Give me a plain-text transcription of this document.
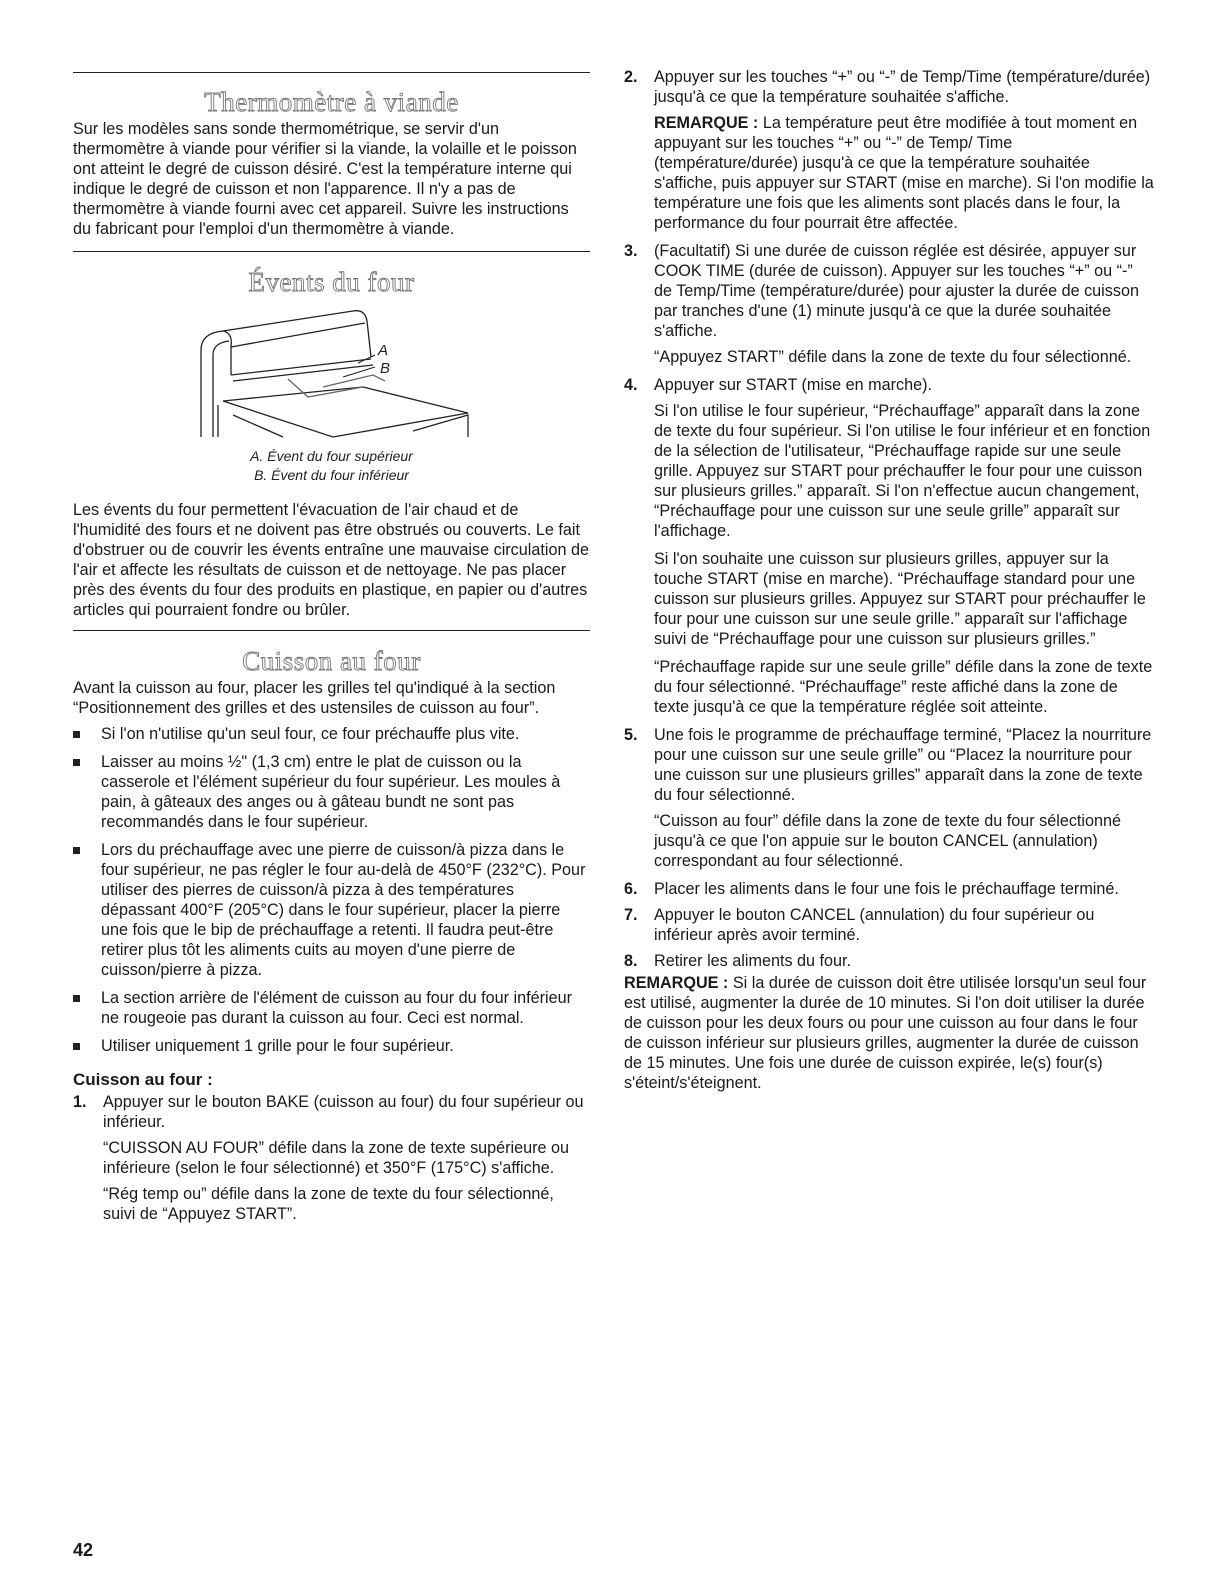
Thermomètre à viande

Sur les modèles sans sonde thermométrique, se servir d'un thermomètre à viande pour vérifier si la viande, la volaille et le poisson ont atteint le degré de cuisson désiré. C'est la température interne qui indique le degré de cuisson et non l'apparence. Il n'y a pas de thermomètre à viande fourni avec cet appareil. Suivre les instructions du fabricant pour l'emploi d'un thermomètre à viande.

Évents du four
A
B
A. Évent du four supérieur
B. Évent du four inférieur

Les évents du four permettent l'évacuation de l'air chaud et de l'humidité des fours et ne doivent pas être obstrués ou couverts. Le fait d'obstruer ou de couvrir les évents entraîne une mauvaise circulation de l'air et affecte les résultats de cuisson et de nettoyage. Ne pas placer près des évents du four des produits en plastique, en papier ou d'autres articles qui pourraient fondre ou brûler.

Cuisson au four

Avant la cuisson au four, placer les grilles tel qu'indiqué à la section “Positionnement des grilles et des ustensiles de cuisson au four”.

Si l'on n'utilise qu'un seul four, ce four préchauffe plus vite.

Laisser au moins ½" (1,3 cm) entre le plat de cuisson ou la casserole et l'élément supérieur du four supérieur. Les moules à pain, à gâteaux des anges ou à gâteau bundt ne sont pas recommandés dans le four supérieur.

Lors du préchauffage avec une pierre de cuisson/à pizza dans le four supérieur, ne pas régler le four au-delà de 450°F (232°C). Pour utiliser des pierres de cuisson/à pizza à des températures dépassant 400°F (205°C) dans le four supérieur, placer la pierre une fois que le bip de préchauffage a retenti. Il faudra peut-être retirer plus tôt les aliments cuits au moyen d'une pierre de cuisson/pierre à pizza.

La section arrière de l'élément de cuisson au four du four inférieur ne rougeoie pas durant la cuisson au four. Ceci est normal.

Utiliser uniquement 1 grille pour le four supérieur.

Cuisson au four :

1. Appuyer sur le bouton BAKE (cuisson au four) du four supérieur ou inférieur.

“CUISSON AU FOUR” défile dans la zone de texte supérieure ou inférieure (selon le four sélectionné) et 350°F (175°C) s'affiche.

“Rég temp ou” défile dans la zone de texte du four sélectionné, suivi de “Appuyez START”.

2. Appuyer sur les touches “+” ou “-” de Temp/Time (température/durée) jusqu'à ce que la température souhaitée s'affiche.

REMARQUE : La température peut être modifiée à tout moment en appuyant sur les touches “+” ou “-” de Temp/ Time (température/durée) jusqu'à ce que la température souhaitée s'affiche, puis appuyer sur START (mise en marche). Si l'on modifie la température une fois que les aliments sont placés dans le four, la performance du four pourrait être affectée.

3. (Facultatif) Si une durée de cuisson réglée est désirée, appuyer sur COOK TIME (durée de cuisson). Appuyer sur les touches “+” ou “-” de Temp/Time (température/durée) pour ajuster la durée de cuisson par tranches d'une (1) minute jusqu'à ce que la durée souhaitée s'affiche.

“Appuyez START” défile dans la zone de texte du four sélectionné.

4. Appuyer sur START (mise en marche).

Si l'on utilise le four supérieur, “Préchauffage” apparaît dans la zone de texte du four supérieur. Si l'on utilise le four inférieur et en fonction de la sélection de l'utilisateur, “Préchauffage rapide sur une seule grille. Appuyez sur START pour préchauffer le four pour une cuisson sur plusieurs grilles.” apparaît. Si l'on n'effectue aucun changement, “Préchauffage pour une cuisson sur une seule grille” apparaît sur l'affichage.

Si l'on souhaite une cuisson sur plusieurs grilles, appuyer sur la touche START (mise en marche). “Préchauffage standard pour une cuisson sur plusieurs grilles. Appuyez sur START pour préchauffer le four pour une cuisson sur une seule grille.” apparaît sur l'affichage suivi de “Préchauffage pour une cuisson sur plusieurs grilles.”

“Préchauffage rapide sur une seule grille” défile dans la zone de texte du four sélectionné. “Préchauffage” reste affiché dans la zone de texte jusqu'à ce que la température réglée soit atteinte.

5. Une fois le programme de préchauffage terminé, “Placez la nourriture pour une cuisson sur une seule grille” ou “Placez la nourriture pour une cuisson sur une plusieurs grilles” apparaît dans la zone de texte du four sélectionné.

“Cuisson au four” défile dans la zone de texte du four sélectionné jusqu'à ce que l'on appuie sur le bouton CANCEL (annulation) correspondant au four sélectionné.

6. Placer les aliments dans le four une fois le préchauffage terminé.

7. Appuyer le bouton CANCEL (annulation) du four supérieur ou inférieur après avoir terminé.

8. Retirer les aliments du four.

REMARQUE : Si la durée de cuisson doit être utilisée lorsqu'un seul four est utilisé, augmenter la durée de 10 minutes. Si l'on doit utiliser la durée de cuisson pour les deux fours ou pour une cuisson au four dans le four de cuisson inférieur sur plusieurs grilles, augmenter la durée de cuisson de 15 minutes. Une fois une durée de cuisson expirée, le(s) four(s) s'éteint/s'éteignent.

42
